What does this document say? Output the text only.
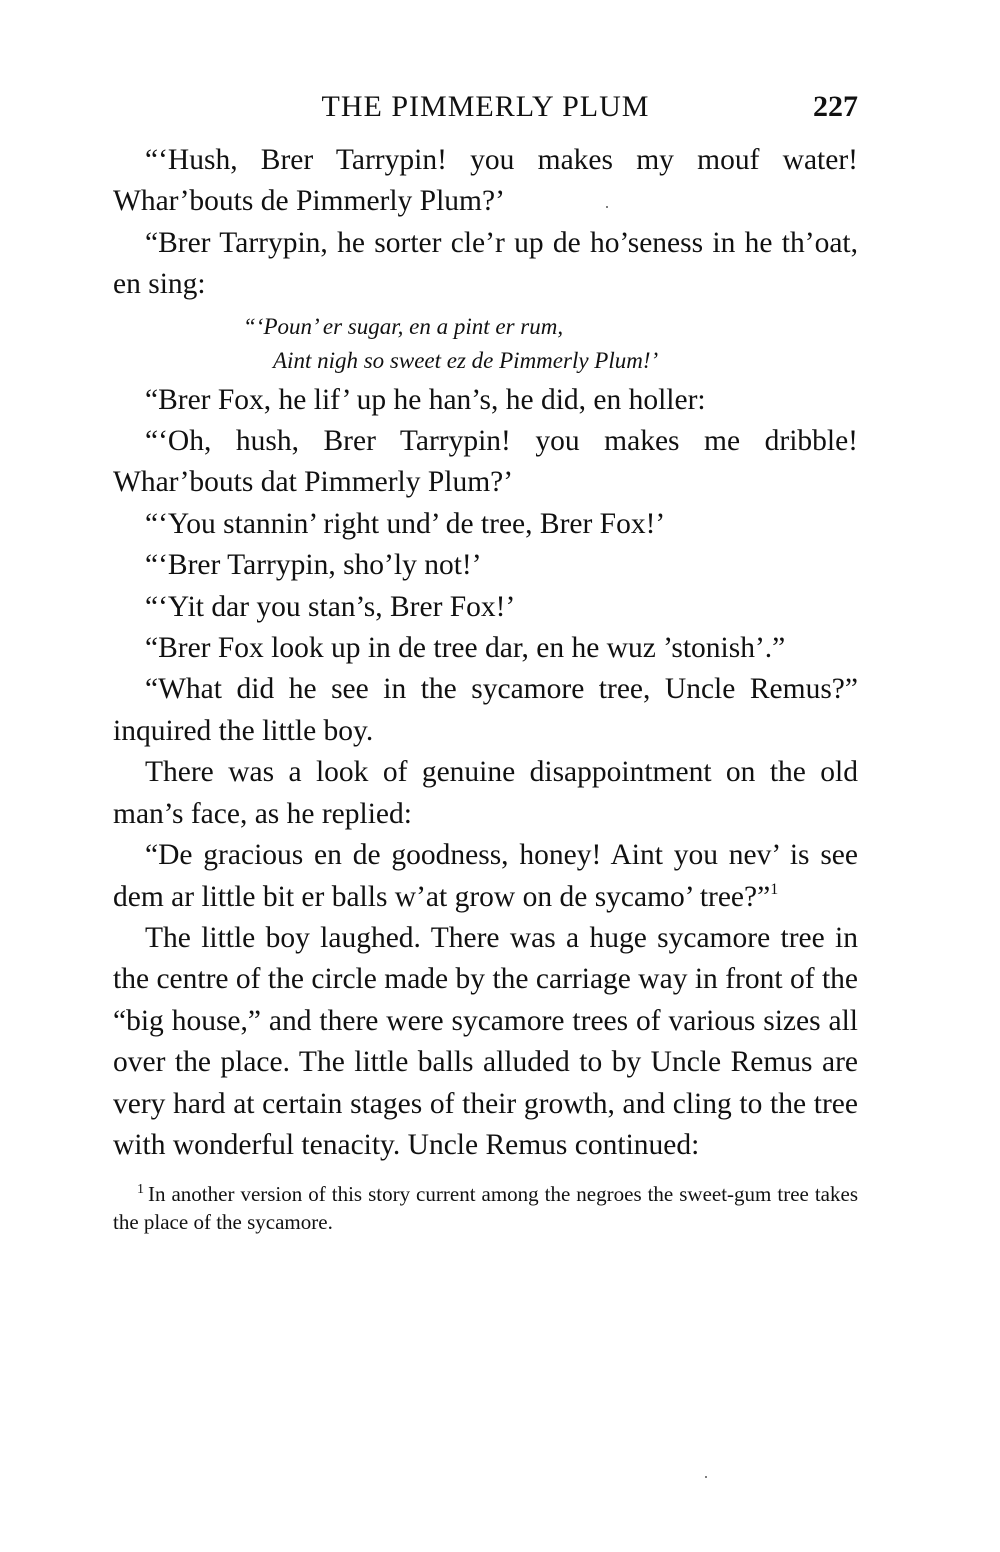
THE PIMMERLY PLUM	227

“‘Hush, Brer Tarrypin! you makes my mouf water! Whar’bouts de Pimmerly Plum?’

“Brer Tarrypin, he sorter cle’r up de ho’seness in he th’oat, en sing:

“‘Poun’ er sugar, en a pint er rum,
Aint nigh so sweet ez de Pimmerly Plum!’

“Brer Fox, he lif’ up he han’s, he did, en holler:

“‘Oh, hush, Brer Tarrypin! you makes me dribble! Whar’bouts dat Pimmerly Plum?’

“‘You stannin’ right und’ de tree, Brer Fox!’

“‘Brer Tarrypin, sho’ly not!’

“‘Yit dar you stan’s, Brer Fox!’

“Brer Fox look up in de tree dar, en he wuz ’stonish’.”

“What did he see in the sycamore tree, Uncle Remus?” inquired the little boy.

There was a look of genuine disappointment on the old man’s face, as he replied:

“De gracious en de goodness, honey! Aint you nev’ is see dem ar little bit er balls w’at grow on de sycamo’ tree?”$^1$

The little boy laughed. There was a huge sycamore tree in the centre of the circle made by the carriage way in front of the “big house,” and there were sycamore trees of various sizes all over the place. The little balls alluded to by Uncle Remus are very hard at certain stages of their growth, and cling to the tree with wonderful tenacity. Uncle Remus continued:

$^1$ In another version of this story current among the negroes the sweet-gum tree takes the place of the sycamore.
